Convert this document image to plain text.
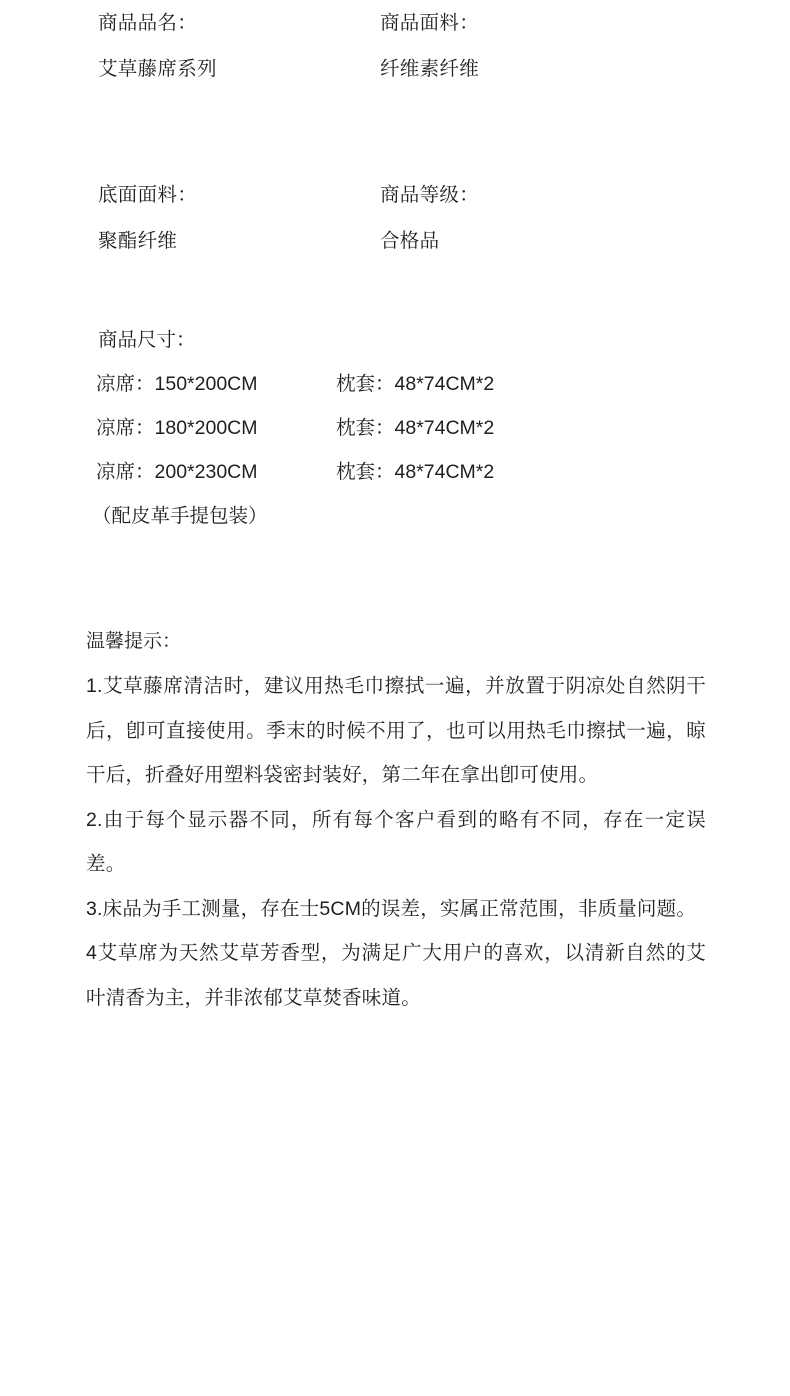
商品品名：
艾草藤席系列
商品面料：
纤维素纤维
底面面料：
聚酯纤维
商品等级：
合格品
商品尺寸：
凉席：150*200CM	枕套：48*74CM*2
凉席：180*200CM	枕套：48*74CM*2
凉席：200*230CM	枕套：48*74CM*2
（配皮革手提包装）
温馨提示：
1.艾草藤席清洁时，建议用热毛巾擦拭一遍，并放置于阴凉处自然阴干后，卽可直接使用。季末的时候不用了，也可以用热毛巾擦拭一遍，晾干后，折叠好用塑料袋密封装好，第二年在拿出卽可使用。
2.由于每个显示器不同，所有每个客户看到的略有不同，存在一定误差。
3.床品为手工测量，存在士5CM的误差，实属正常范围，非质量问题。
4艾草席为天然艾草芳香型，为满足广大用户的喜欢，以清新自然的艾叶清香为主，并非浓郁艾草焚香味道。
